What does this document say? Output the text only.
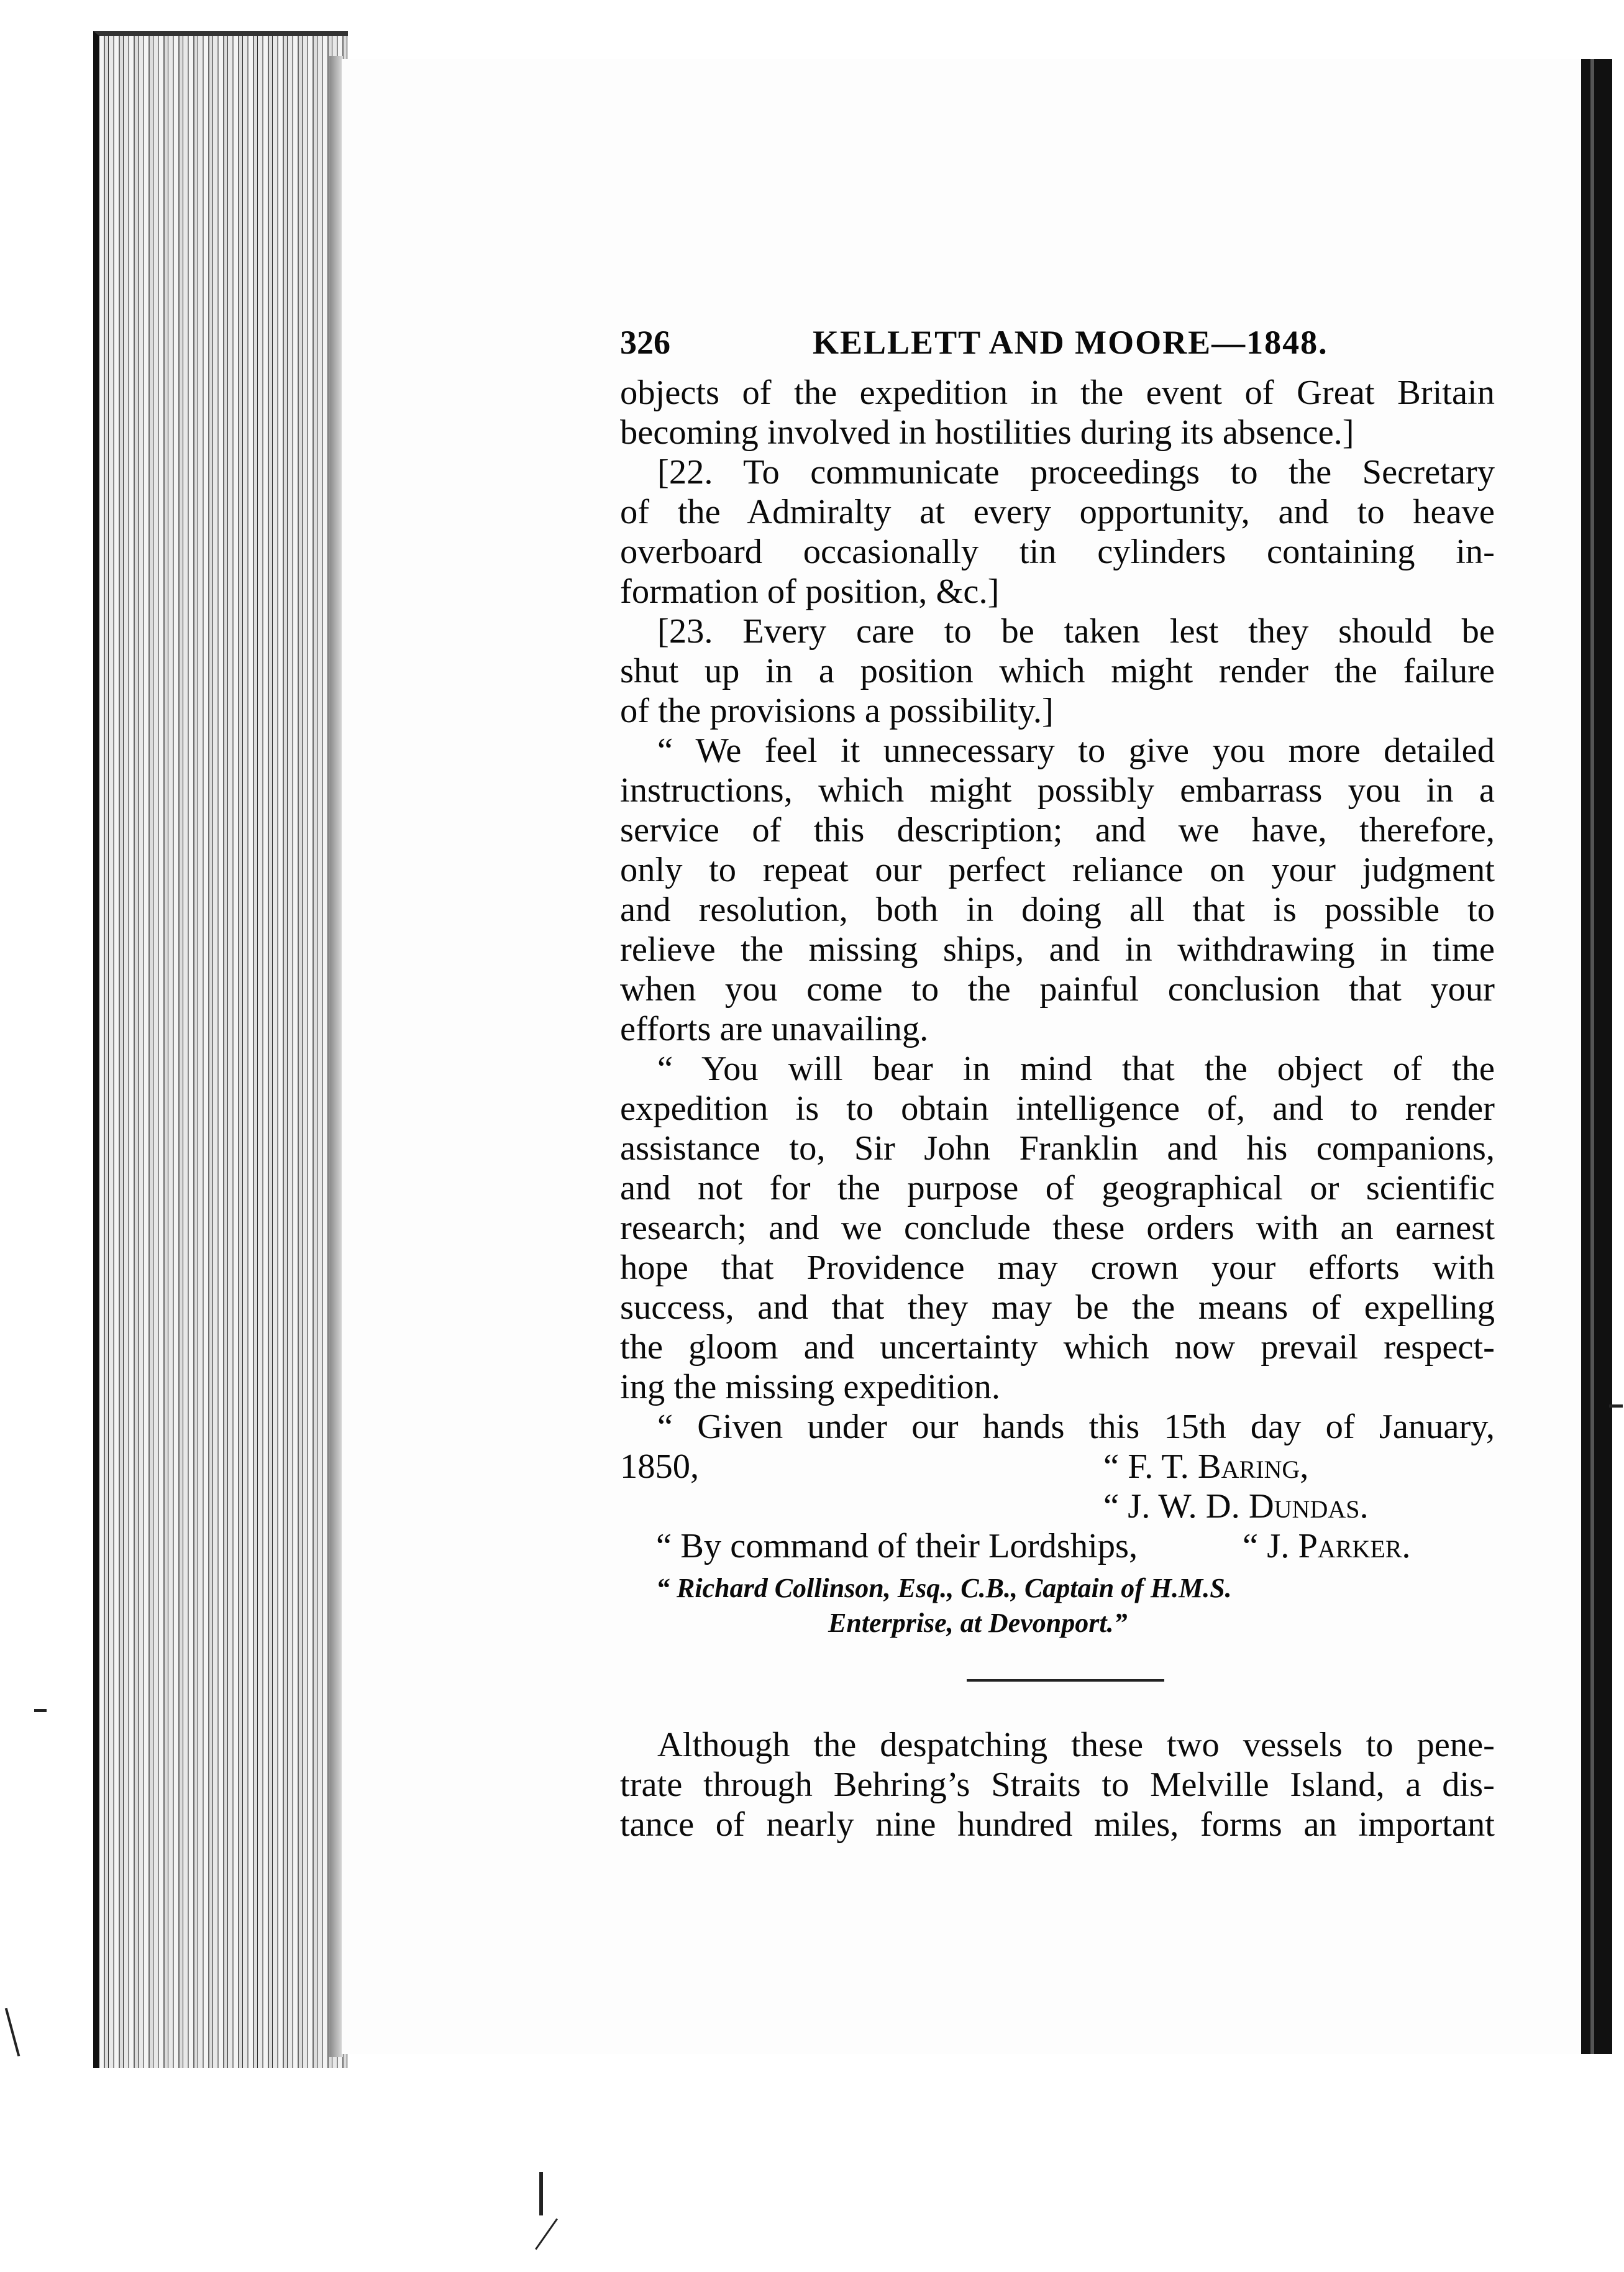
326	KELLETT AND MOORE—1848.
objects of the expedition in the event of Great Britain
becoming involved in hostilities during its absence.]
[22. To communicate proceedings to the Secretary
of the Admiralty at every opportunity, and to heave
overboard occasionally tin cylinders containing in-
formation of position, &c.]
[23. Every care to be taken lest they should be
shut up in a position which might render the failure
of the provisions a possibility.]
“ We feel it unnecessary to give you more detailed
instructions, which might possibly embarrass you in a
service of this description; and we have, therefore,
only to repeat our perfect reliance on your judgment
and resolution, both in doing all that is possible to
relieve the missing ships, and in withdrawing in time
when you come to the painful conclusion that your
efforts are unavailing.
“ You will bear in mind that the object of the
expedition is to obtain intelligence of, and to render
assistance to, Sir John Franklin and his companions,
and not for the purpose of geographical or scientific
research; and we conclude these orders with an earnest
hope that Providence may crown your efforts with
success, and that they may be the means of expelling
the gloom and uncertainty which now prevail respect-
ing the missing expedition.
“ Given under our hands this 15th day of January,
1850,	“ F. T. Baring,
“ J. W. D. Dundas.
“ By command of their Lordships,	“ J. Parker.
“ Richard Collinson, Esq., C.B., Captain of H.M.S.
Enterprise, at Devonport.”
Although the despatching these two vessels to pene-
trate through Behring’s Straits to Melville Island, a dis-
tance of nearly nine hundred miles, forms an important
